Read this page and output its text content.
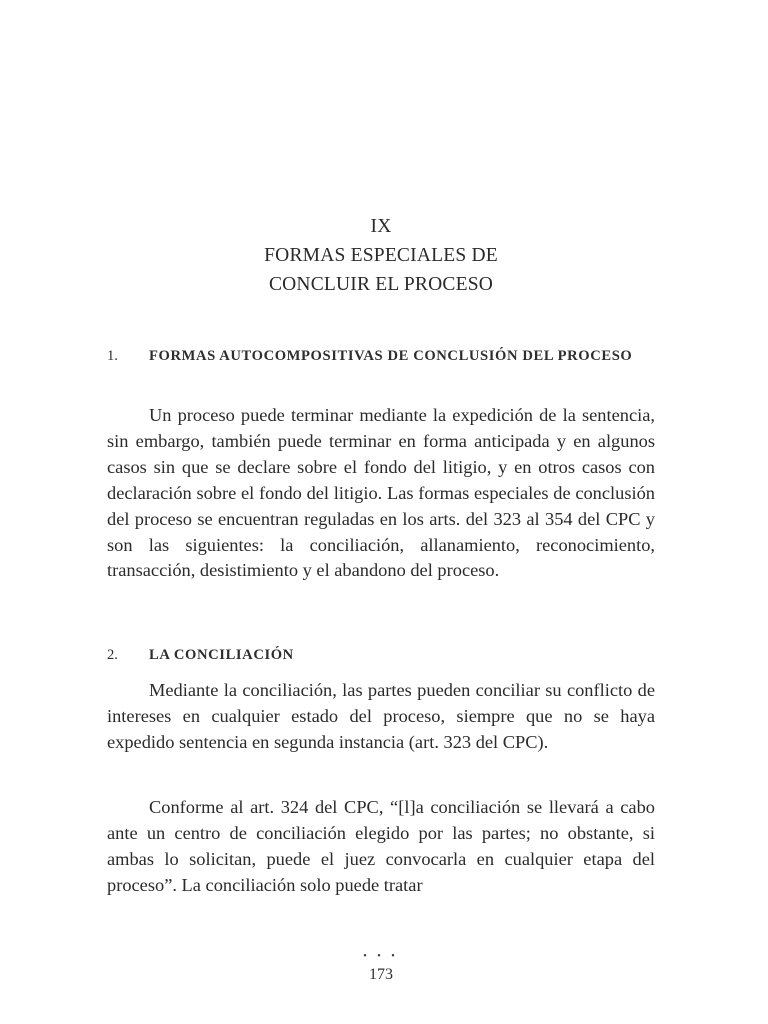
IX
FORMAS ESPECIALES DE
CONCLUIR EL PROCESO
1. FORMAS AUTOCOMPOSITIVAS DE CONCLUSIÓN DEL PROCESO

Un proceso puede terminar mediante la expedición de la sentencia, sin embargo, también puede terminar en forma anticipada y en algunos casos sin que se declare sobre el fondo del litigio, y en otros casos con declaración sobre el fondo del litigio. Las formas especiales de conclusión del proceso se encuentran reguladas en los arts. del 323 al 354 del CPC y son las siguientes: la conciliación, allanamiento, reconocimiento, transacción, desistimiento y el abandono del proceso.

2. LA CONCILIACIÓN

Mediante la conciliación, las partes pueden conciliar su conflicto de intereses en cualquier estado del proceso, siempre que no se haya expedido sentencia en segunda instancia (art. 323 del CPC).

Conforme al art. 324 del CPC, “[l]a conciliación se llevará a cabo ante un centro de conciliación elegido por las partes; no obstante, si ambas lo solicitan, puede el juez convocarla en cualquier etapa del proceso”. La conciliación solo puede tratar

• • •
173
